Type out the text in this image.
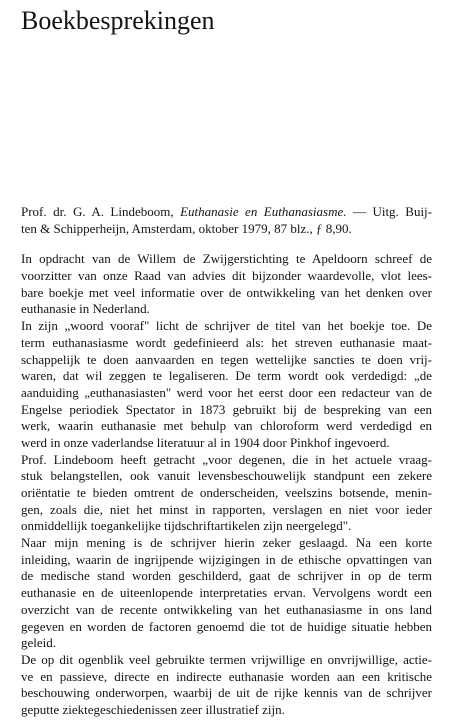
Boekbesprekingen
Prof. dr. G. A. Lindeboom, Euthanasie en Euthanasiasme. — Uitg. Buij-
ten & Schipperheijn, Amsterdam, oktober 1979, 87 blz., ƒ 8,90.
In opdracht van de Willem de Zwijgerstichting te Apeldoorn schreef de
voorzitter van onze Raad van advies dit bijzonder waardevolle, vlot lees-
bare boekje met veel informatie over de ontwikkeling van het denken over
euthanasie in Nederland.
In zijn „woord vooraf" licht de schrijver de titel van het boekje toe. De
term euthanasiasme wordt gedefinieerd als: het streven euthanasie maat-
schappelijk te doen aanvaarden en tegen wettelijke sancties te doen vrij-
waren, dat wil zeggen te legaliseren. De term wordt ook verdedigd: „de
aanduiding „euthanasiasten" werd voor het eerst door een redacteur van de
Engelse periodiek Spectator in 1873 gebruikt bij de bespreking van een
werk, waarin euthanasie met behulp van chloroform werd verdedigd en
werd in onze vaderlandse literatuur al in 1904 door Pinkhof ingevoerd.
Prof. Lindeboom heeft getracht „voor degenen, die in het actuele vraag-
stuk belangstellen, ook vanuit levensbeschouwelijk standpunt een zekere
oriëntatie te bieden omtrent de onderscheiden, veelszins botsende, menin-
gen, zoals die, niet het minst in rapporten, verslagen en niet voor ieder
onmiddellijk toegankelijke tijdschriftartikelen zijn neergelegd".
Naar mijn mening is de schrijver hierin zeker geslaagd. Na een korte
inleiding, waarin de ingrijpende wijzigingen in de ethische opvattingen van
de medische stand worden geschilderd, gaat de schrijver in op de term
euthanasie en de uiteenlopende interpretaties ervan. Vervolgens wordt een
overzicht van de recente ontwikkeling van het euthanasiasme in ons land
gegeven en worden de factoren genoemd die tot de huidige situatie hebben
geleid.
De op dit ogenblik veel gebruikte termen vrijwillige en onvrijwillige, actie-
ve en passieve, directe en indirecte euthanasie worden aan een kritische
beschouwing onderworpen, waarbij de uit de rijke kennis van de schrijver
geputte ziektegeschiedenissen zeer illustratief zijn.
